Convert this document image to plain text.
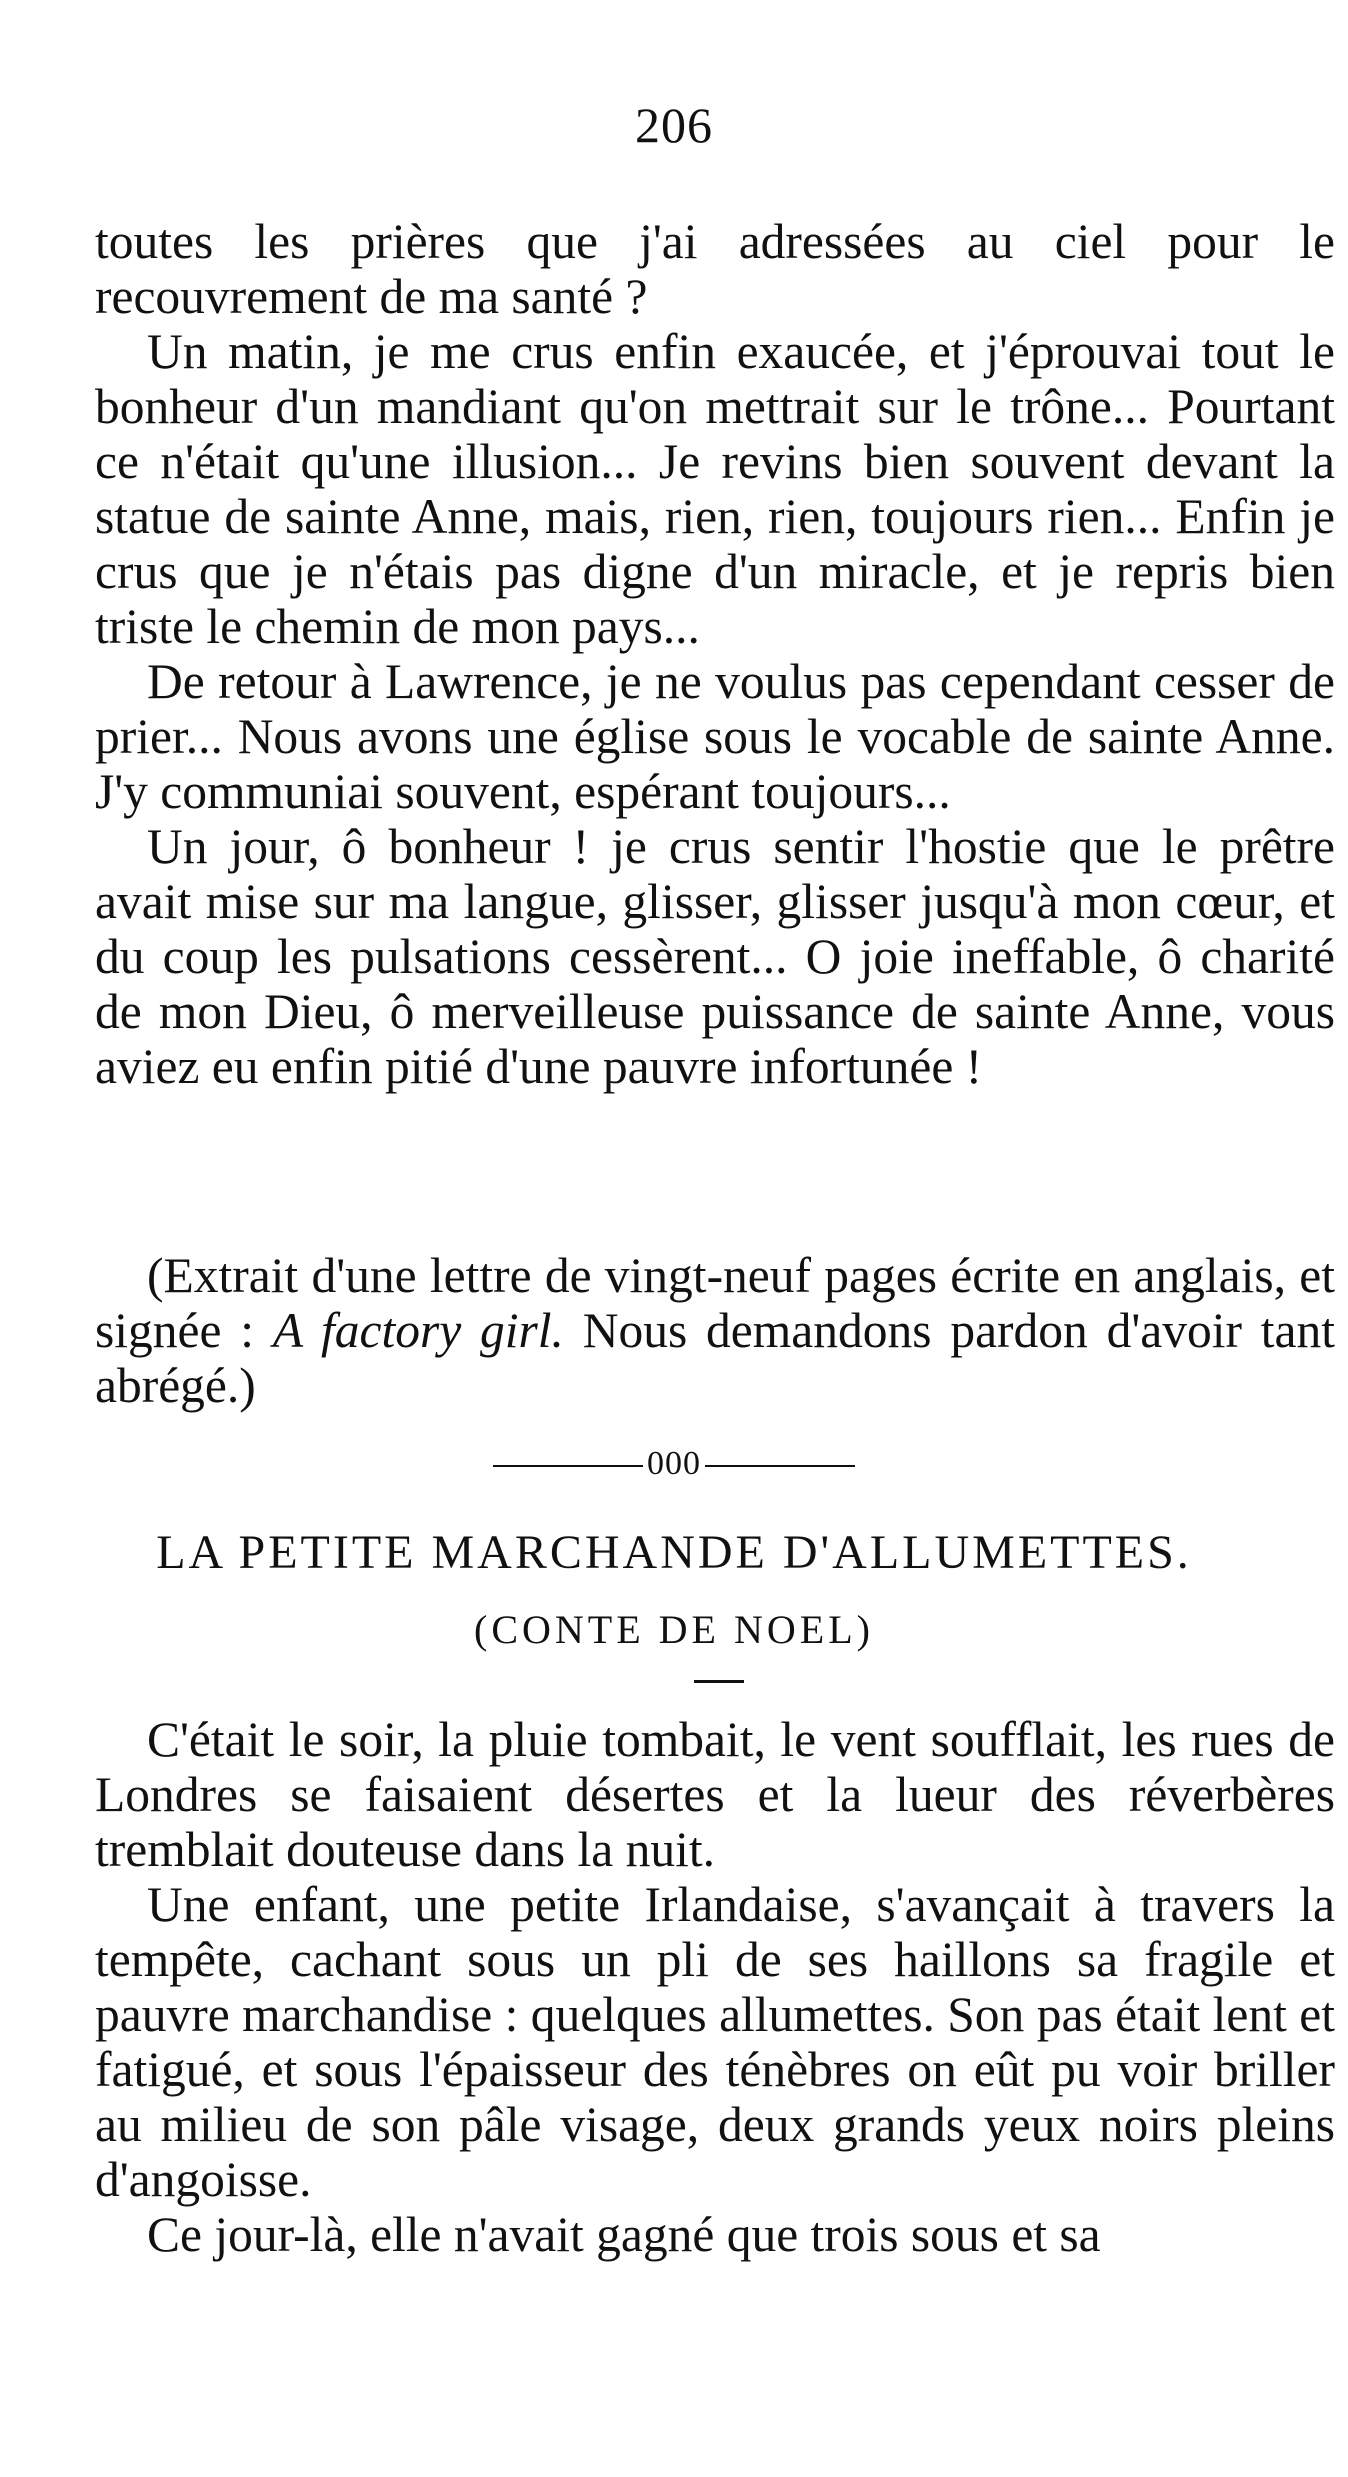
206

toutes les prières que j'ai adressées au ciel pour le recouvrement de ma santé ?

Un matin, je me crus enfin exaucée, et j'éprouvai tout le bonheur d'un mandiant qu'on mettrait sur le trône... Pourtant ce n'était qu'une illusion... Je revins bien souvent devant la statue de sainte Anne, mais, rien, rien, toujours rien... Enfin je crus que je n'étais pas digne d'un miracle, et je repris bien triste le chemin de mon pays...

De retour à Lawrence, je ne voulus pas cependant cesser de prier... Nous avons une église sous le vocable de sainte Anne. J'y communiai souvent, espérant toujours...

Un jour, ô bonheur ! je crus sentir l'hostie que le prêtre avait mise sur ma langue, glisser, glisser jusqu'à mon cœur, et du coup les pulsations cessèrent... O joie ineffable, ô charité de mon Dieu, ô merveilleuse puissance de sainte Anne, vous aviez eu enfin pitié d'une pauvre infortunée !

(Extrait d'une lettre de vingt-neuf pages écrite en anglais, et signée : A factory girl. Nous demandons pardon d'avoir tant abrégé.)

000
LA PETITE MARCHANDE D'ALLUMETTES.
(CONTE DE NOEL)

C'était le soir, la pluie tombait, le vent soufflait, les rues de Londres se faisaient désertes et la lueur des réverbères tremblait douteuse dans la nuit.

Une enfant, une petite Irlandaise, s'avançait à travers la tempête, cachant sous un pli de ses haillons sa fragile et pauvre marchandise : quelques allumettes. Son pas était lent et fatigué, et sous l'épaisseur des ténèbres on eût pu voir briller au milieu de son pâle visage, deux grands yeux noirs pleins d'angoisse.

Ce jour-là, elle n'avait gagné que trois sous et sa
